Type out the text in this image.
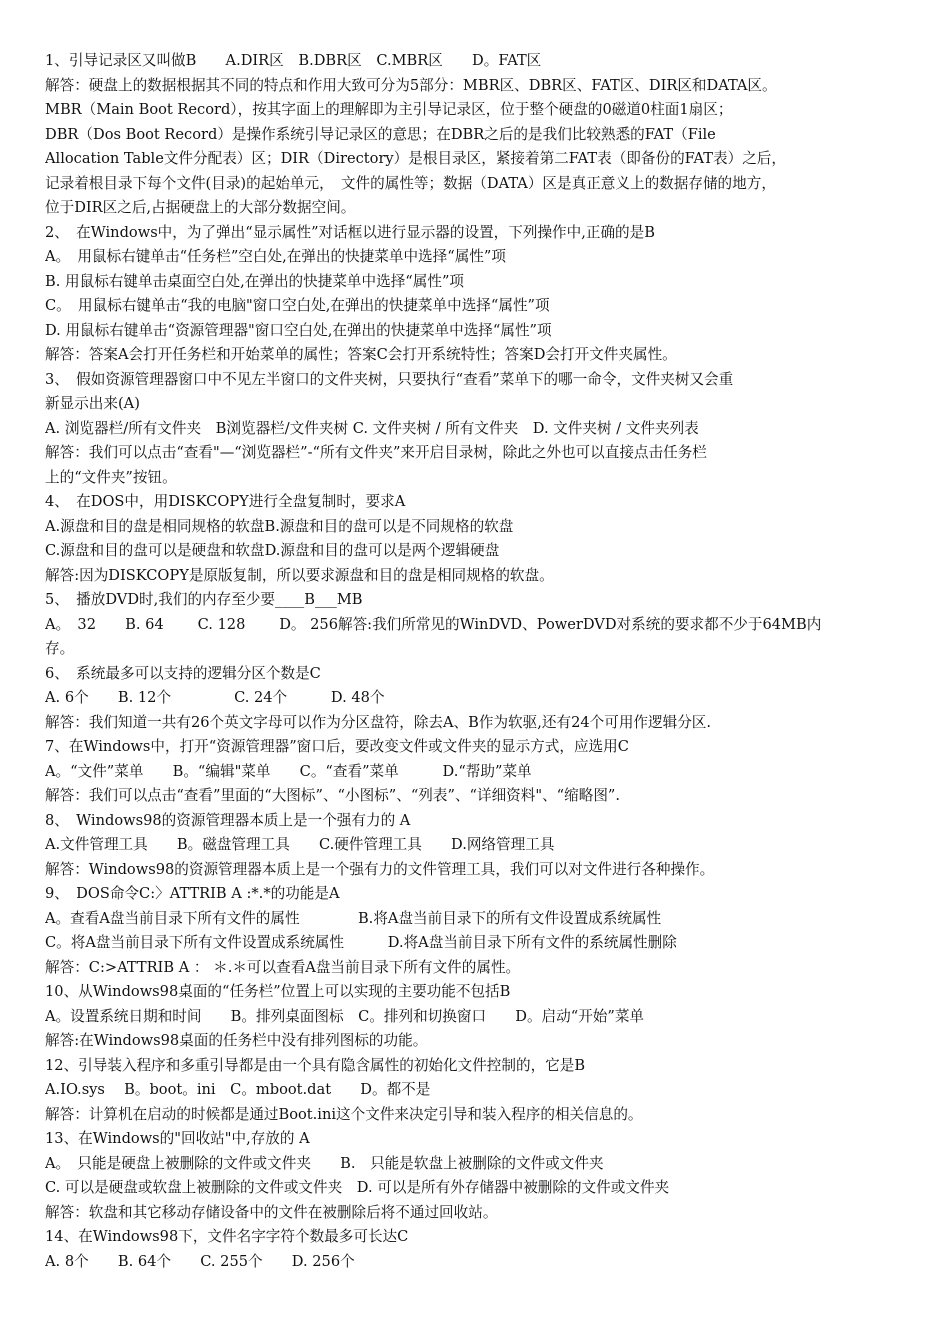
1、引导记录区又叫做B　　A.DIR区　B.DBR区　C.MBR区　　D。FAT区
解答：硬盘上的数据根据其不同的特点和作用大致可分为5部分：MBR区、DBR区、FAT区、DIR区和DATA区。
MBR（Main Boot Record），按其字面上的理解即为主引导记录区，位于整个硬盘的0磁道0柱面1扇区；
DBR（Dos Boot Record）是操作系统引导记录区的意思；在DBR之后的是我们比较熟悉的FAT（File
Allocation Table文件分配表）区；DIR（Directory）是根目录区，紧接着第二FAT表（即备份的FAT表）之后，
记录着根目录下每个文件(目录)的起始单元，　文件的属性等；数据（DATA）区是真正意义上的数据存储的地方，
位于DIR区之后,占据硬盘上的大部分数据空间。
2、　在Windows中，为了弹出“显示属性”对话框以进行显示器的设置，下列操作中,正确的是B
A。　用鼠标右键单击“任务栏”空白处,在弹出的快捷菜单中选择“属性”项
B. 用鼠标右键单击桌面空白处,在弹出的快捷菜单中选择“属性”项
C。　用鼠标右键单击“我的电脑"窗口空白处,在弹出的快捷菜单中选择“属性”项
D. 用鼠标右键单击“资源管理器"窗口空白处,在弹出的快捷菜单中选择“属性”项
解答：答案A会打开任务栏和开始菜单的属性；答案C会打开系统特性；答案D会打开文件夹属性。
3、　假如资源管理器窗口中不见左半窗口的文件夹树，只要执行“查看”菜单下的哪一命令，文件夹树又会重
新显示出来(A)
A. 浏览器栏/所有文件夹　B浏览器栏/文件夹树 C. 文件夹树 / 所有文件夹　D. 文件夹树 / 文件夹列表
解答：我们可以点击“查看"—“浏览器栏”-“所有文件夹”来开启目录树，除此之外也可以直接点击任务栏
上的“文件夹”按钮。
4、　在DOS中，用DISKCOPY进行全盘复制时，要求A
A.源盘和目的盘是相同规格的软盘B.源盘和目的盘可以是不同规格的软盘
C.源盘和目的盘可以是硬盘和软盘D.源盘和目的盘可以是两个逻辑硬盘
解答:因为DISKCOPY是原版复制，所以要求源盘和目的盘是相同规格的软盘。
5、　播放DVD时,我们的内存至少要____B___MB
A。　32　　B. 64　　 C. 128　　 D。 256解答:我们所常见的WinDVD、PowerDVD对系统的要求都不少于64MB内
存。
6、　系统最多可以支持的逻辑分区个数是C
A. 6个　　B. 12个　　　　 C. 24个　　　D. 48个
解答：我们知道一共有26个英文字母可以作为分区盘符，除去A、B作为软驱,还有24个可用作逻辑分区.
7、在Windows中，打开“资源管理器”窗口后，要改变文件或文件夹的显示方式，应选用C
A。“文件”菜单　　B。“编辑"菜单　　C。“查看”菜单　　　D.“帮助”菜单
解答：我们可以点击“查看”里面的“大图标”、“小图标”、“列表”、“详细资料"、“缩略图”.
8、　Windows98的资源管理器本质上是一个强有力的 A
A.文件管理工具　　B。磁盘管理工具　　C.硬件管理工具　　D.网络管理工具
解答：Windows98的资源管理器本质上是一个强有力的文件管理工具，我们可以对文件进行各种操作。
9、　DOS命令C:〉ATTRIB A :*.*的功能是A
A。查看A盘当前目录下所有文件的属性　　　　B.将A盘当前目录下的所有文件设置成系统属性
C。将A盘当前目录下所有文件设置成系统属性　　　D.将A盘当前目录下所有文件的系统属性删除
解答：C:>ATTRIB A ： ＊.＊可以查看A盘当前目录下所有文件的属性。
10、从Windows98桌面的“任务栏”位置上可以实现的主要功能不包括B
A。设置系统日期和时间　　B。排列桌面图标　C。排列和切换窗口　　D。启动“开始”菜单
解答:在Windows98桌面的任务栏中没有排列图标的功能。
12、引导装入程序和多重引导都是由一个具有隐含属性的初始化文件控制的，它是B
A.IO.sys　 B。boot。ini　C。mboot.dat　　D。都不是
解答：计算机在启动的时候都是通过Boot.ini这个文件来决定引导和装入程序的相关信息的。
13、在Windows的"回收站"中,存放的 A
A。　只能是硬盘上被删除的文件或文件夹　　B.　只能是软盘上被删除的文件或文件夹
C. 可以是硬盘或软盘上被删除的文件或文件夹　D. 可以是所有外存储器中被删除的文件或文件夹
解答：软盘和其它移动存储设备中的文件在被删除后将不通过回收站。
14、在Windows98下，文件名字字符个数最多可长达C
A. 8个　　B. 64个　　C. 255个　　D. 256个
